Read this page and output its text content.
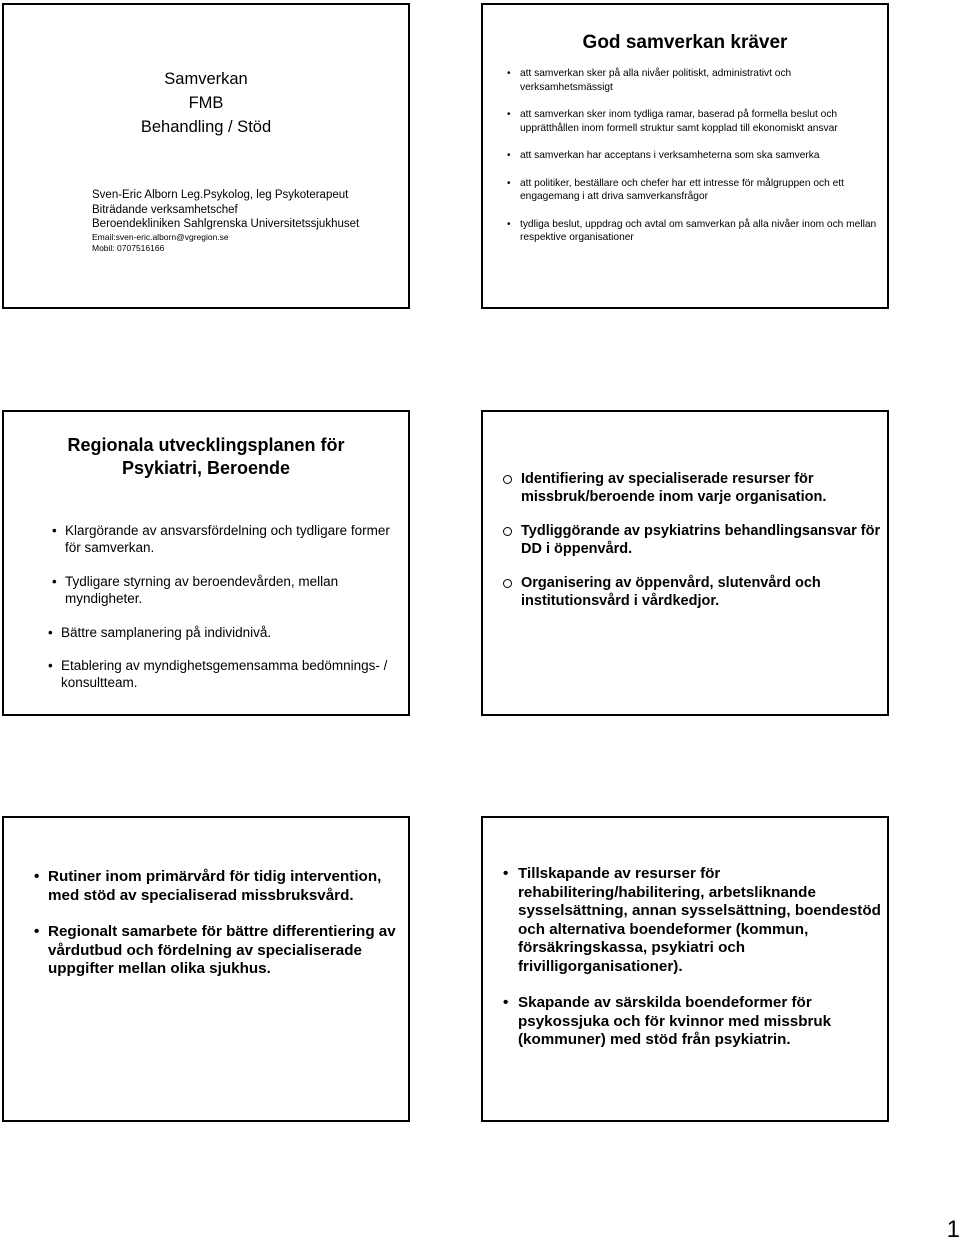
Samverkan
FMB
Behandling / Stöd
Sven-Eric Alborn Leg.Psykolog, leg Psykoterapeut
Biträdande verksamhetschef
Beroendekliniken Sahlgrenska Universitetssjukhuset
Email:sven-eric.alborn@vgregion.se
Mobil: 0707516166
God samverkan kräver
• att samverkan sker på alla nivåer politiskt, administrativt och verksamhetsmässigt
• att samverkan sker inom tydliga ramar, baserad på formella beslut och upprätthållen inom formell struktur samt kopplad till ekonomiskt ansvar
• att samverkan har acceptans i verksamheterna som ska samverka
• att politiker, beställare och chefer har ett intresse för målgruppen och ett engagemang i att driva samverkansfrågor
• tydliga beslut, uppdrag och avtal om samverkan på alla nivåer inom och mellan respektive organisationer
Regionala utvecklingsplanen för
Psykiatri, Beroende
• Klargörande av ansvarsfördelning och tydligare former för samverkan.
• Tydligare styrning av beroendevården, mellan myndigheter.
• Bättre samplanering på individnivå.
• Etablering av myndighetsgemensamma bedömnings- / konsultteam.
Identifiering av specialiserade resurser för missbruk/beroende inom varje organisation.
Tydliggörande av psykiatrins behandlingsansvar för DD i öppenvård.
Organisering av öppenvård, slutenvård och institutionsvård i vårdkedjor.
• Rutiner inom primärvård för tidig intervention, med stöd av specialiserad missbruksvård.
• Regionalt samarbete för bättre differentiering av vårdutbud och fördelning av specialiserade uppgifter mellan olika sjukhus.
• Tillskapande av resurser för rehabilitering/habilitering, arbetsliknande sysselsättning, annan sysselsättning, boendestöd och alternativa boendeformer (kommun, försäkringskassa, psykiatri och frivilligorganisationer).
• Skapande av särskilda boendeformer för psykossjuka och för kvinnor med missbruk (kommuner) med stöd från psykiatrin.
1
